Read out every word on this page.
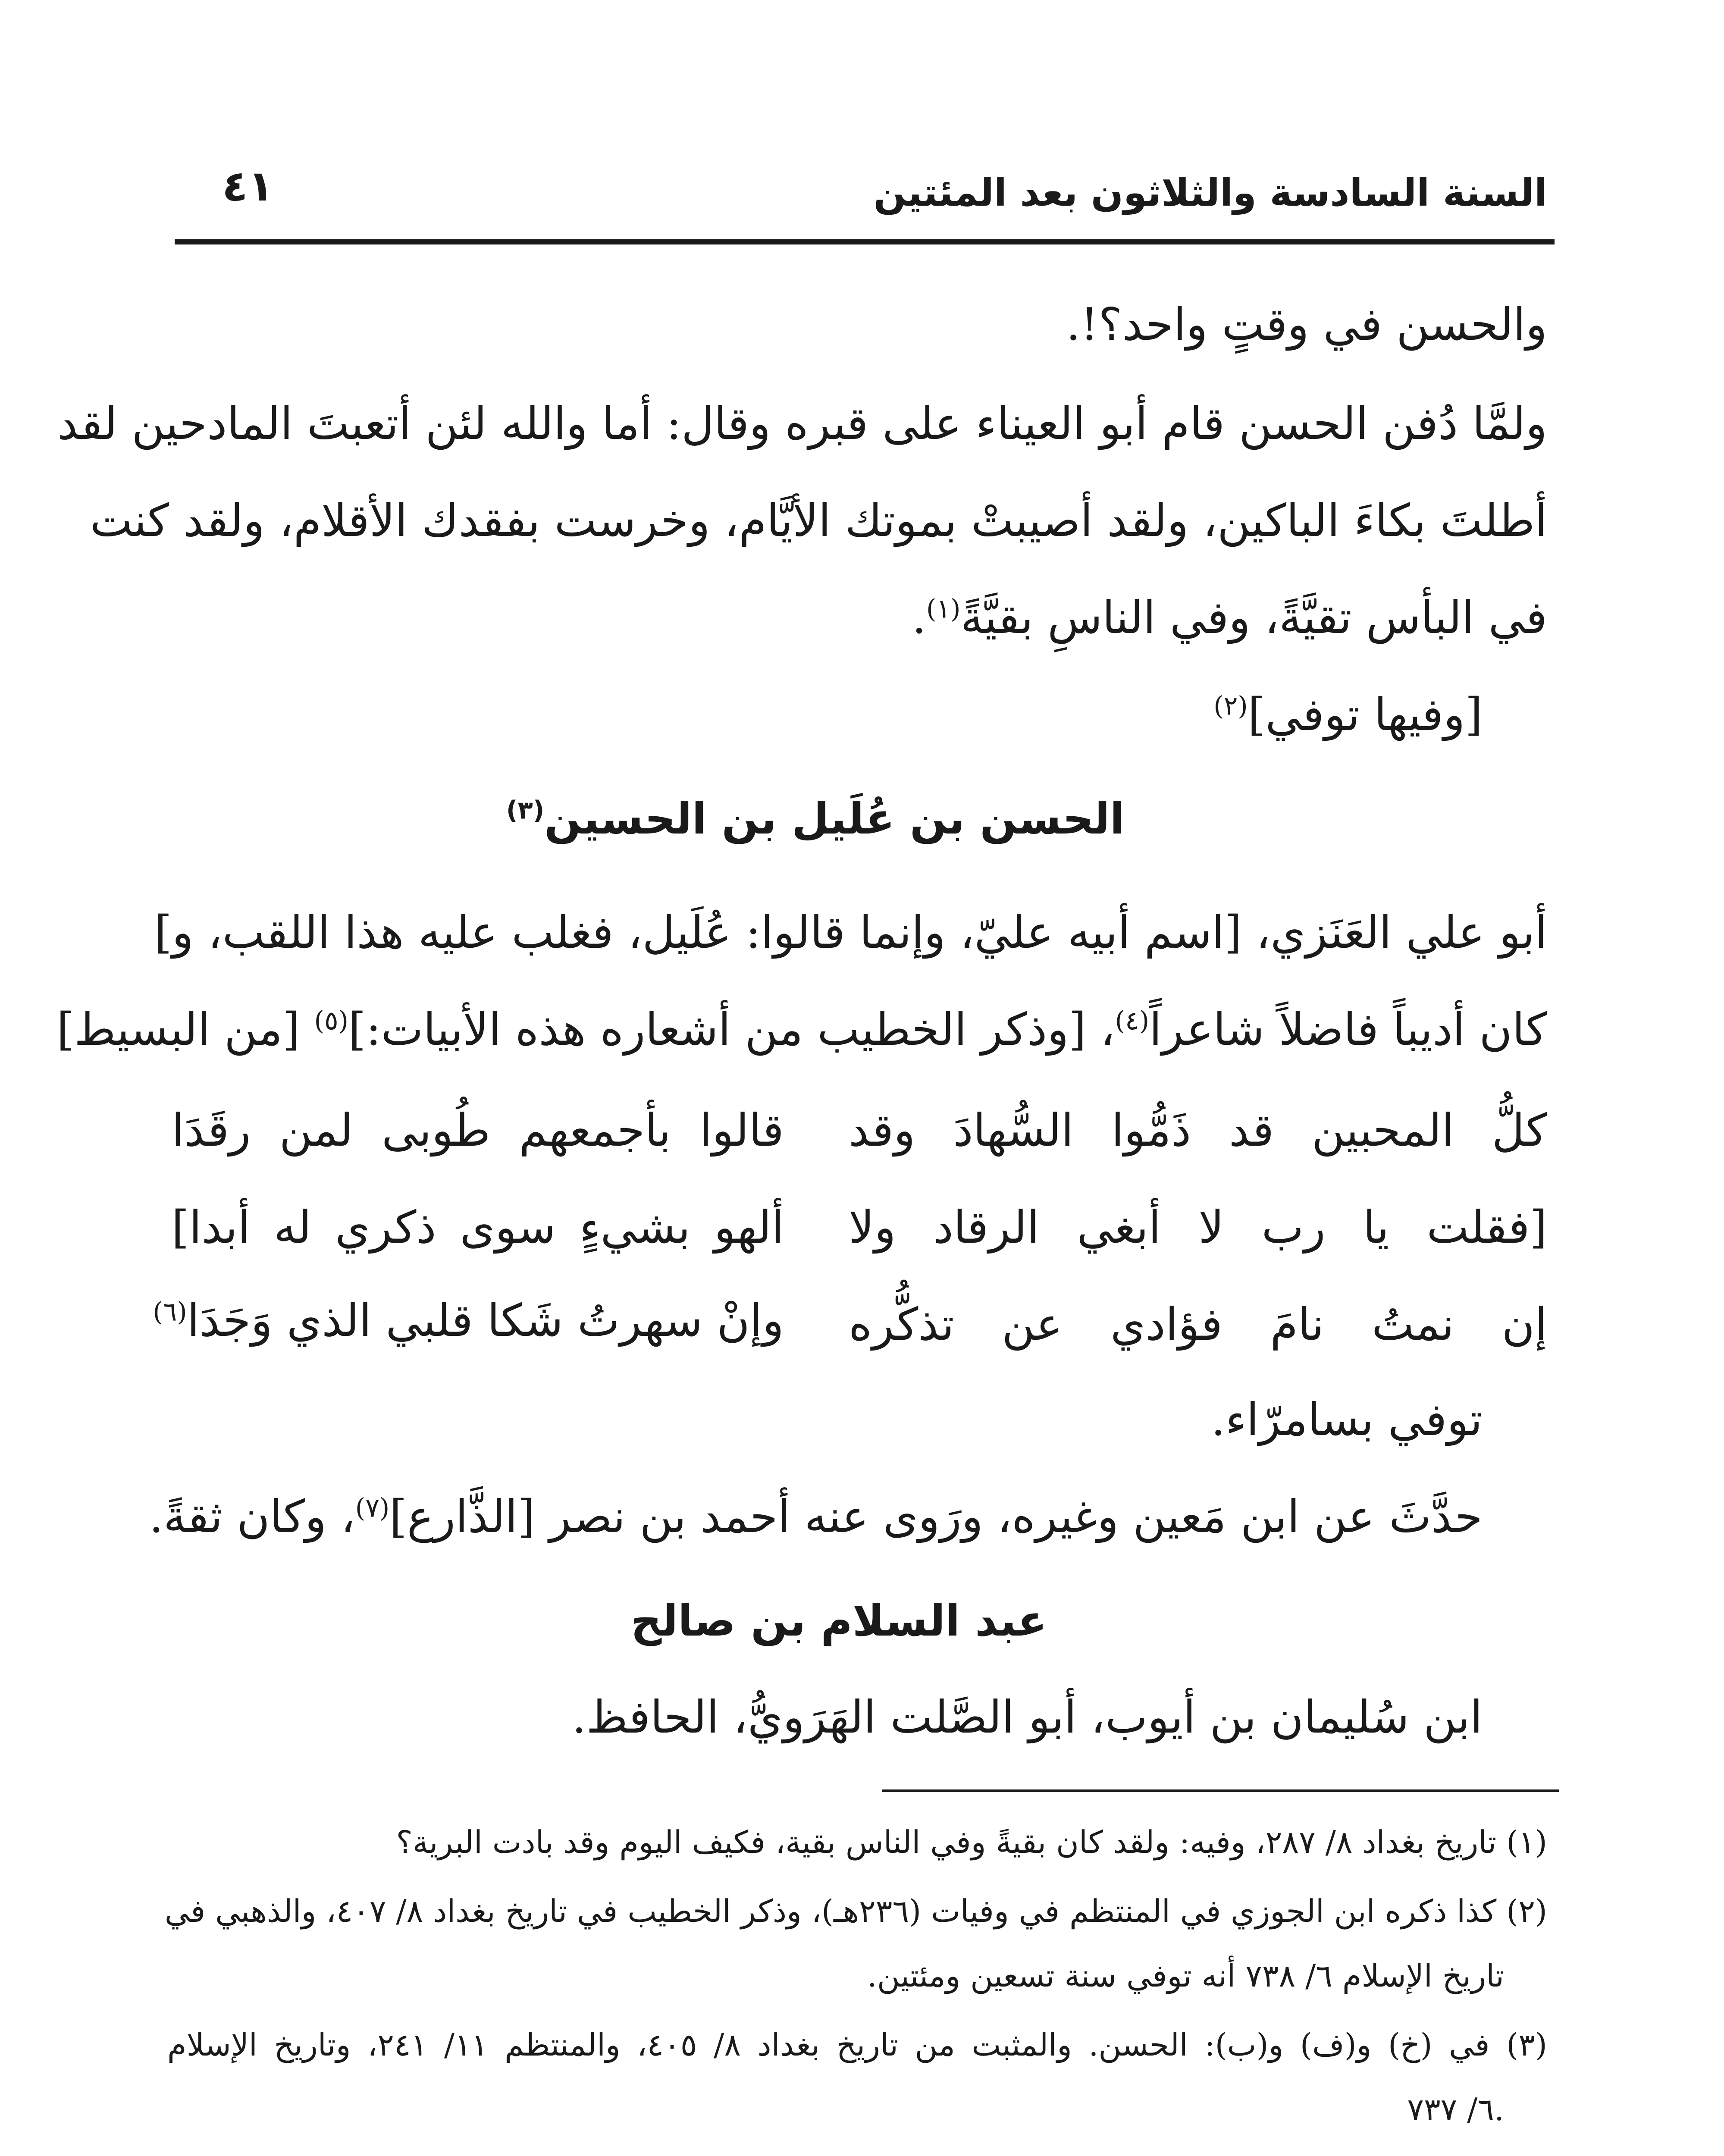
السنة السادسة والثلاثون بعد المئتين
٤١
والحسن في وقتٍ واحد؟!.
ولمَّا دُفن الحسن قام أبو العيناء على قبره وقال: أما والله لئن أتعبتَ المادحين لقد
أطلتَ بكاءَ الباكين، ولقد أصيبتْ بموتك الأيَّام، وخرست بفقدك الأقلام، ولقد كنت
في البأس تقيَّةً، وفي الناسِ بقيَّةً$^{(١)}$.
[وفيها توفي]$^{(٢)}$
الحسن بن عُلَيل بن الحسين$^{(٣)}$
أبو علي العَنَزي، [اسم أبيه عليّ، وإنما قالوا: عُلَيل، فغلب عليه هذا اللقب، و]
كان أديباً فاضلاً شاعراً$^{(٤)}$، [وذكر الخطيب من أشعاره هذه الأبيات:]$^{(٥)}$ [من البسيط]
كلُّ المحبين قد ذَمُّوا السُّهادَ وقد
قالوا بأجمعهم طُوبى لمن رقَدَا
[فقلت يا رب لا أبغي الرقاد ولا
ألهو بشيءٍ سوى ذكري له أبدا]
إن نمتُ نامَ فؤادي عن تذكُّره
وإنْ سهرتُ شَكا قلبي الذي وَجَدَا$^{(٦)}$
توفي بسامرّاء.
حدَّثَ عن ابن مَعين وغيره، ورَوى عنه أحمد بن نصر [الذَّارع]$^{(٧)}$، وكان ثقةً.
عبد السلام بن صالح
ابن سُليمان بن أيوب، أبو الصَّلت الهَرَويُّ، الحافظ.
(١) تاريخ بغداد ٨/ ٢٨٧، وفيه: ولقد كان بقيةً وفي الناس بقية، فكيف اليوم وقد بادت البرية؟
(٢) كذا ذكره ابن الجوزي في المنتظم في وفيات (٢٣٦هـ)، وذكر الخطيب في تاريخ بغداد ٨/ ٤٠٧، والذهبي في
تاريخ الإسلام ٦/ ٧٣٨ أنه توفي سنة تسعين ومئتين.
(٣) في (خ) و(ف) و(ب): الحسن. والمثبت من تاريخ بغداد ٨/ ٤٠٥، والمنتظم ١١/ ٢٤١، وتاريخ الإسلام
٦/ ٧٣٧.
